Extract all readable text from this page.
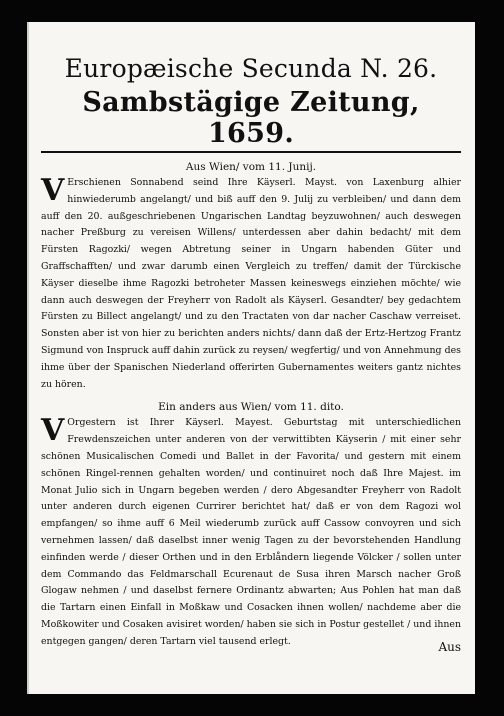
Europæische Secunda N. 26.
Sambstägige Zeitung, 1659.
Aus Wien/ vom 11. Junij.

V Erschienen Sonnabend seind Ihre Käyserl. Mayst. von Laxenburg alhier hinwiederumb angelangt/ und biß auff den 9. Julij zu verbleiben/ und dann dem auff den 20. außgeschriebenen Ungarischen Landtag beyzuwohnen/ auch deswegen nacher Preßburg zu vereisen Willens/ unterdessen aber dahin bedacht/ mit dem Fürsten Ragozki/ wegen Abtretung seiner in Ungarn habenden Güter und Graffschafften/ und zwar darumb einen Vergleich zu treffen/ damit der Türckische Käyser dieselbe ihme Ragozki betroheter Massen keineswegs einziehen möchte/ wie dann auch deswegen der Freyherr von Radolt als Käyserl. Gesandter/ bey gedachtem Fürsten zu Billect angelangt/ und zu den Tractaten von dar nacher Caschaw verreiset. Sonsten aber ist von hier zu berichten anders nichts/ dann daß der Ertz-Hertzog Frantz Sigmund von Inspruck auff dahin zurück zu reysen/ wegfertig/ und von Annehmung des ihme über der Spanischen Niederland offerirten Gubernamentes weiters gantz nichtes zu hören.

Ein anders aus Wien/ vom 11. dito.

V Orgestern ist Ihrer Käyserl. Mayest. Geburtstag mit unterschiedlichen Frewdenszeichen unter anderen von der verwittibten Käyserin / mit einer sehr schönen Musicalischen Comedi und Ballet in der Favorita/ und gestern mit einem schönen Ringel-rennen gehalten worden/ und continuiret noch daß Ihre Majest. im Monat Julio sich in Ungarn begeben werden / dero Abgesandter Freyherr von Radolt unter anderen durch eigenen Currirer berichtet hat/ daß er von dem Ragozi wol empfangen/ so ihme auff 6 Meil wiederumb zurück auff Cassow convoyren und sich vernehmen lassen/ daß daselbst inner wenig Tagen zu der bevorstehenden Handlung einfinden werde / dieser Orthen und in den Erblåndern liegende Völcker / sollen unter dem Commando das Feldmarschall Ecurenaut de Susa ihren Marsch nacher Groß Glogaw nehmen / und daselbst fernere Ordinantz abwarten; Aus Pohlen hat man daß die Tartarn einen Einfall in Moßkaw und Cosacken ihnen wollen/ nachdeme aber die Moßkowiter und Cosaken avisiret worden/ haben sie sich in Postur gestellet / und ihnen entgegen gangen/ deren Tartarn viel tausend erlegt.	Aus
